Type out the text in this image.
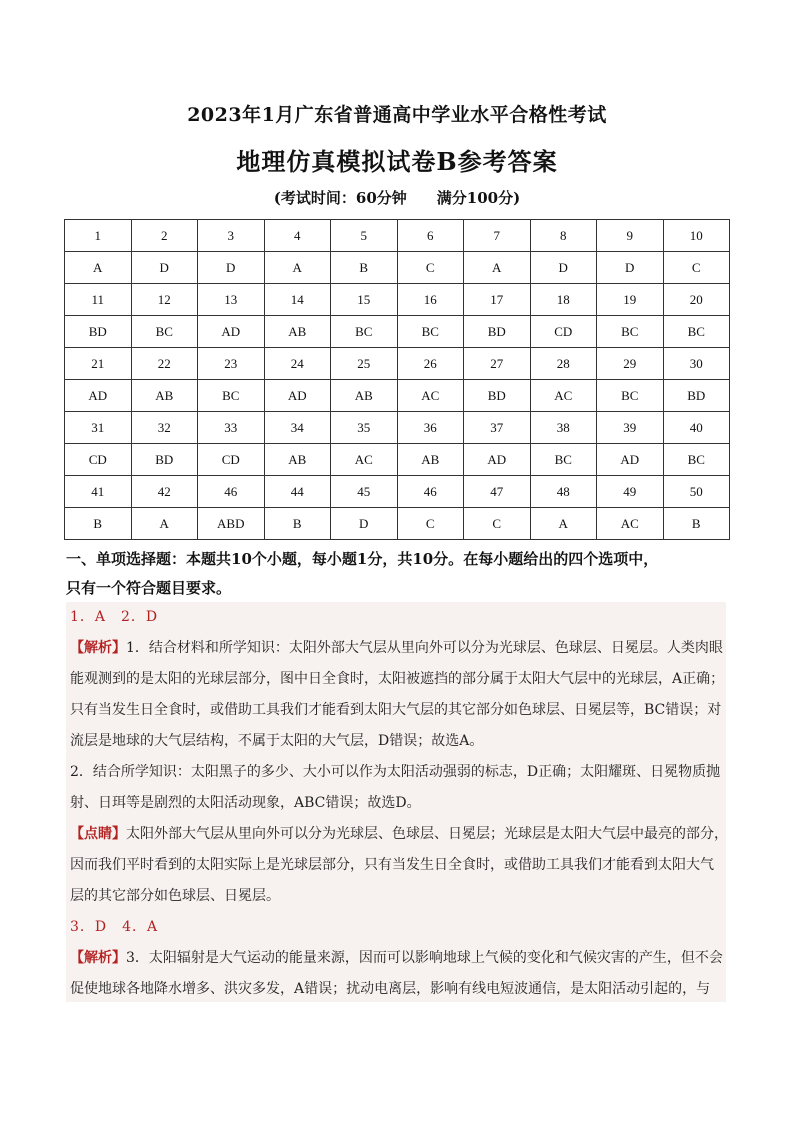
2023年1月广东省普通高中学业水平合格性考试
地理仿真模拟试卷B参考答案
(考试时间：60分钟　　满分100分)
1	2	3	4	5	6	7	8	9	10
A	D	D	A	B	C	A	D	D	C
11	12	13	14	15	16	17	18	19	20
BD	BC	AD	AB	BC	BC	BD	CD	BC	BC
21	22	23	24	25	26	27	28	29	30
AD	AB	BC	AD	AB	AC	BD	AC	BC	BD
31	32	33	34	35	36	37	38	39	40
CD	BD	CD	AB	AC	AB	AD	BC	AD	BC
41	42	46	44	45	46	47	48	49	50
B	A	ABD	B	D	C	C	A	AC	B
一、单项选择题：本题共10个小题，每小题1分，共10分。在每小题给出的四个选项中，
只有一个符合题目要求。
1．A　2．D
【解析】1．结合材料和所学知识：太阳外部大气层从里向外可以分为光球层、色球层、日冕层。人类肉眼
能观测到的是太阳的光球层部分，图中日全食时，太阳被遮挡的部分属于太阳大气层中的光球层，A正确；
只有当发生日全食时，或借助工具我们才能看到太阳大气层的其它部分如色球层、日冕层等，BC错误；对
流层是地球的大气层结构，不属于太阳的大气层，D错误；故选A。
2．结合所学知识：太阳黑子的多少、大小可以作为太阳活动强弱的标志，D正确；太阳耀斑、日冕物质抛
射、日珥等是剧烈的太阳活动现象，ABC错误；故选D。
【点睛】太阳外部大气层从里向外可以分为光球层、色球层、日冕层；光球层是太阳大气层中最亮的部分，
因而我们平时看到的太阳实际上是光球层部分，只有当发生日全食时，或借助工具我们才能看到太阳大气
层的其它部分如色球层、日冕层。
3．D　4．A
【解析】3．太阳辐射是大气运动的能量来源，因而可以影响地球上气候的变化和气候灾害的产生，但不会
促使地球各地降水增多、洪灾多发，A错误；扰动电离层，影响有线电短波通信，是太阳活动引起的，与
